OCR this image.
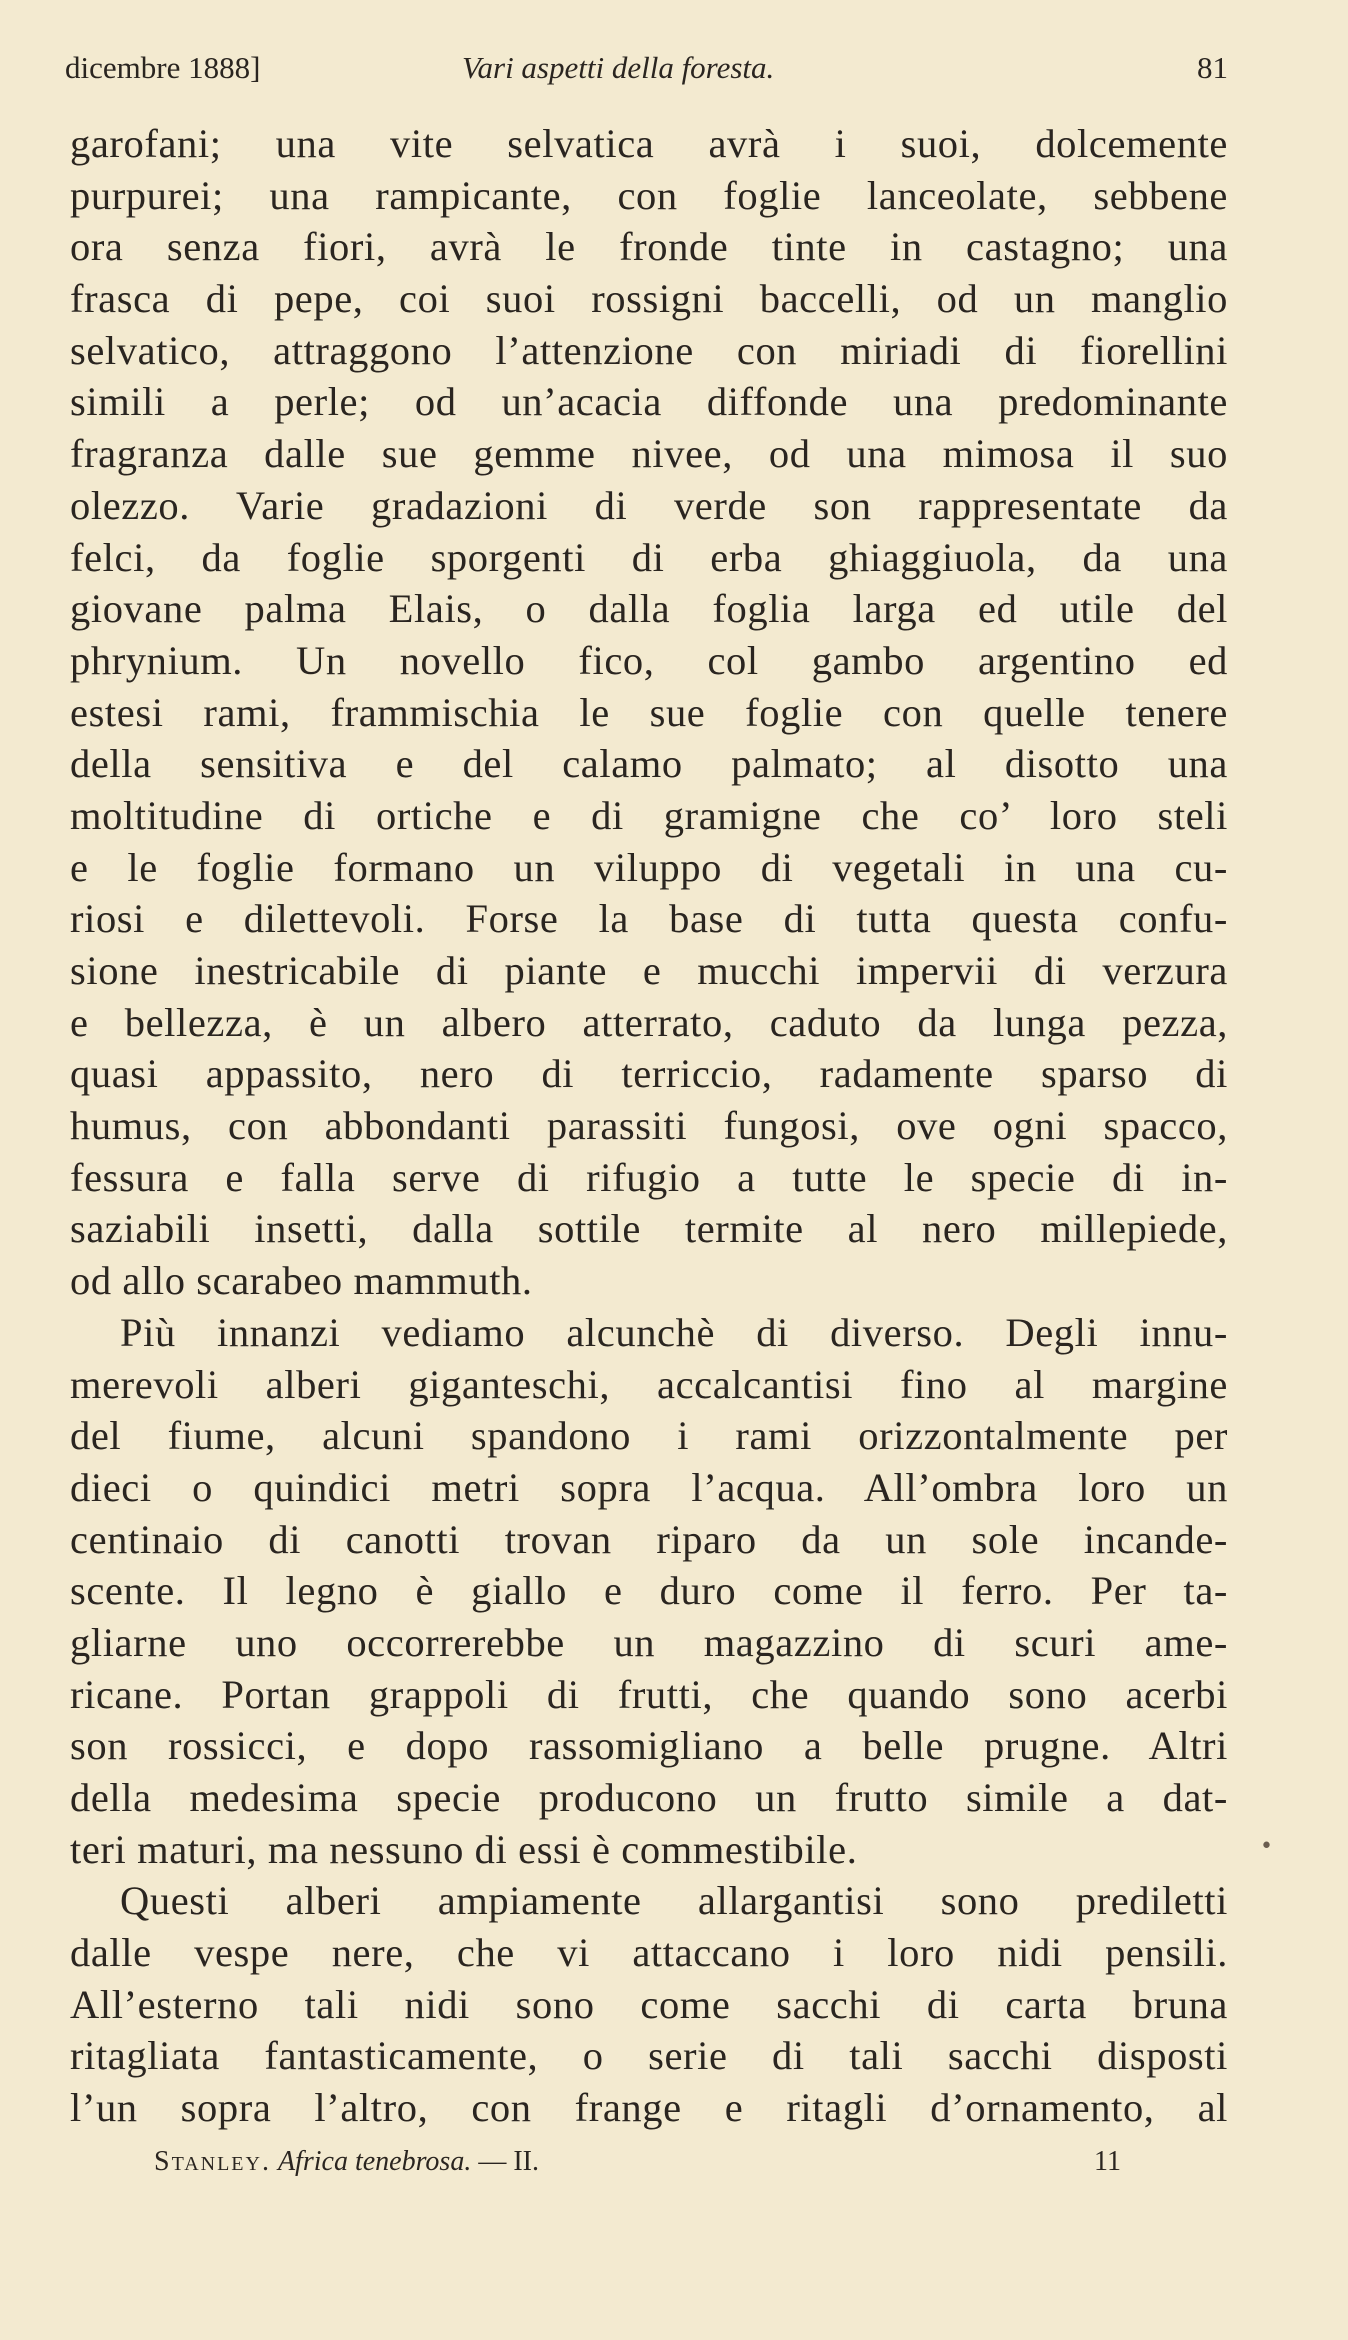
dicembre 1888]	Vari aspetti della foresta.	81
garofani; una vite selvatica avrà i suoi, dolcemente
purpurei; una rampicante, con foglie lanceolate, sebbene
ora senza fiori, avrà le fronde tinte in castagno; una
frasca di pepe, coi suoi rossigni baccelli, od un manglio
selvatico, attraggono l’attenzione con miriadi di fiorellini
simili a perle; od un’acacia diffonde una predominante
fragranza dalle sue gemme nivee, od una mimosa il suo
olezzo. Varie gradazioni di verde son rappresentate da
felci, da foglie sporgenti di erba ghiaggiuola, da una
giovane palma Elais, o dalla foglia larga ed utile del
phrynium. Un novello fico, col gambo argentino ed
estesi rami, frammischia le sue foglie con quelle tenere
della sensitiva e del calamo palmato; al disotto una
moltitudine di ortiche e di gramigne che co’ loro steli
e le foglie formano un viluppo di vegetali in una cu-
riosi e dilettevoli. Forse la base di tutta questa confu-
sione inestricabile di piante e mucchi impervii di verzura
e bellezza, è un albero atterrato, caduto da lunga pezza,
quasi appassito, nero di terriccio, radamente sparso di
humus, con abbondanti parassiti fungosi, ove ogni spacco,
fessura e falla serve di rifugio a tutte le specie di in-
saziabili insetti, dalla sottile termite al nero millepiede,
od allo scarabeo mammuth.
Più innanzi vediamo alcunchè di diverso. Degli innu-
merevoli alberi giganteschi, accalcantisi fino al margine
del fiume, alcuni spandono i rami orizzontalmente per
dieci o quindici metri sopra l’acqua. All’ombra loro un
centinaio di canotti trovan riparo da un sole incande-
scente. Il legno è giallo e duro come il ferro. Per ta-
gliarne uno occorrerebbe un magazzino di scuri ame-
ricane. Portan grappoli di frutti, che quando sono acerbi
son rossicci, e dopo rassomigliano a belle prugne. Altri
della medesima specie producono un frutto simile a dat-
teri maturi, ma nessuno di essi è commestibile.
Questi alberi ampiamente allargantisi sono prediletti
dalle vespe nere, che vi attaccano i loro nidi pensili.
All’esterno tali nidi sono come sacchi di carta bruna
ritagliata fantasticamente, o serie di tali sacchi disposti
l’un sopra l’altro, con frange e ritagli d’ornamento, al
•
Stanley. Africa tenebrosa. — II.	11
